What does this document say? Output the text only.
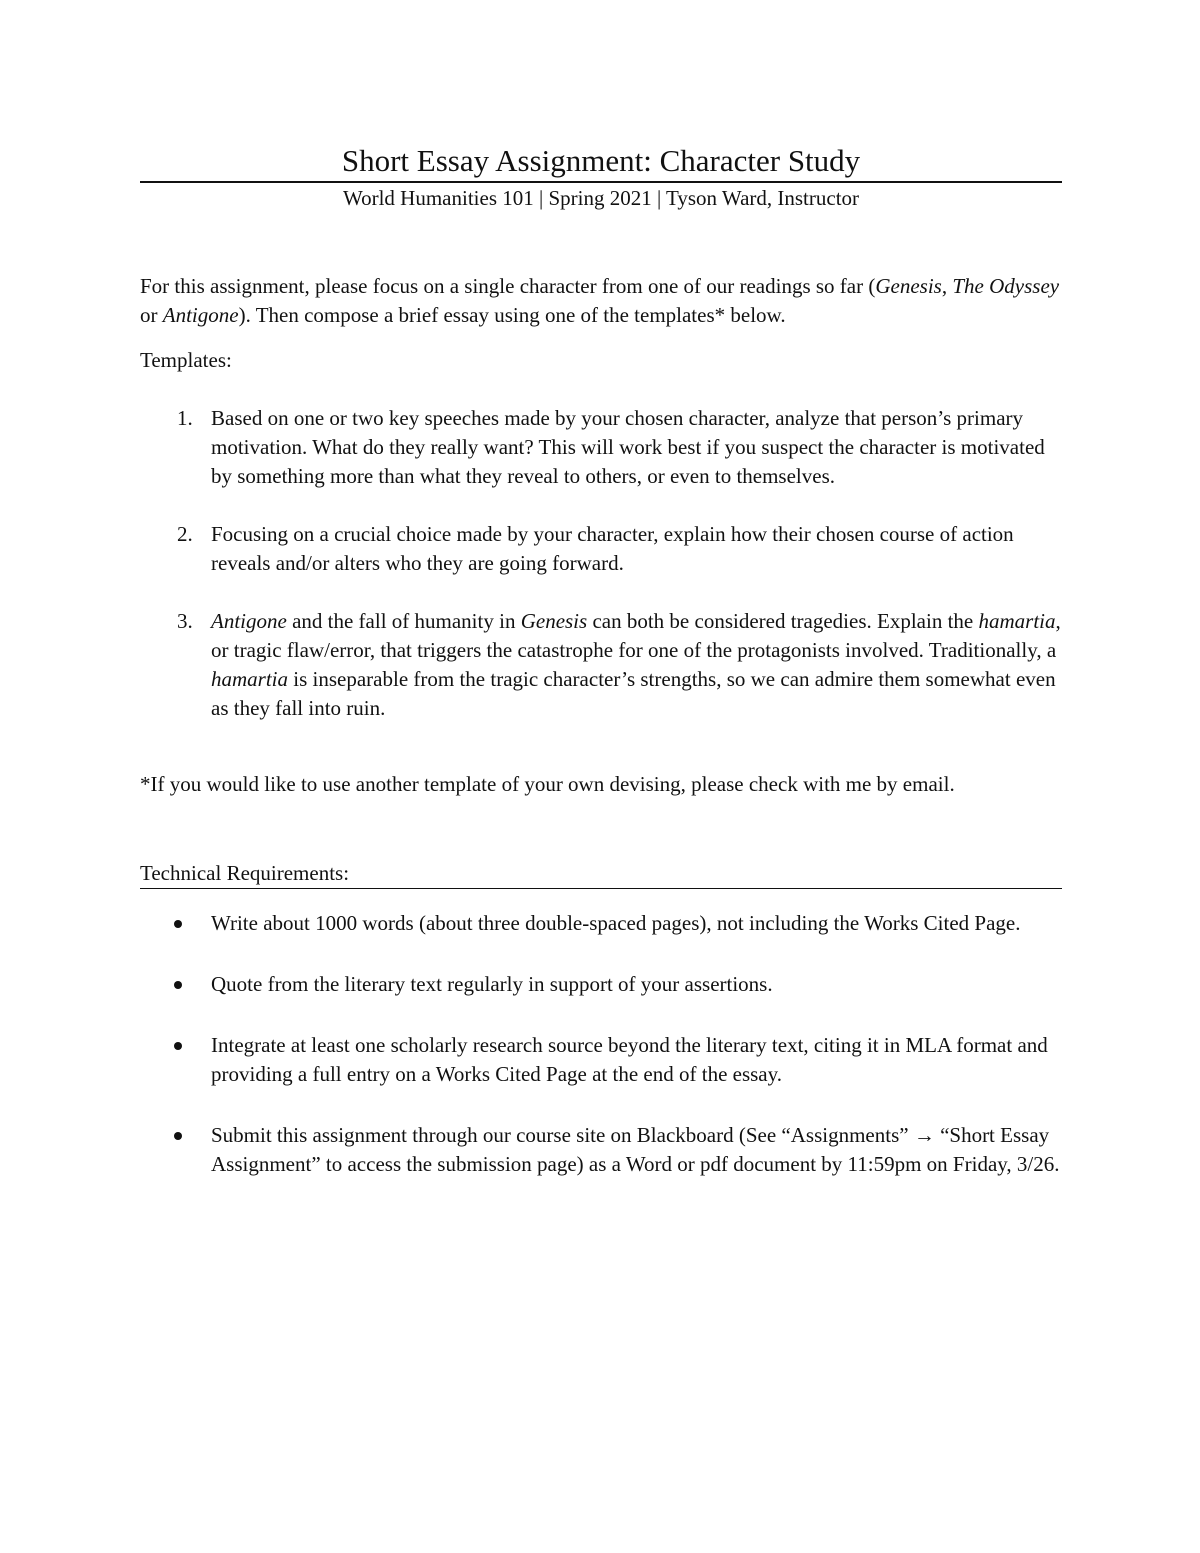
Short Essay Assignment: Character Study
World Humanities 101 | Spring 2021 | Tyson Ward, Instructor
For this assignment, please focus on a single character from one of our readings so far (Genesis, The Odyssey or Antigone). Then compose a brief essay using one of the templates* below.
Templates:
1. Based on one or two key speeches made by your chosen character, analyze that person’s primary motivation. What do they really want? This will work best if you suspect the character is motivated by something more than what they reveal to others, or even to themselves.
2. Focusing on a crucial choice made by your character, explain how their chosen course of action reveals and/or alters who they are going forward.
3. Antigone and the fall of humanity in Genesis can both be considered tragedies. Explain the hamartia, or tragic flaw/error, that triggers the catastrophe for one of the protagonists involved. Traditionally, a hamartia is inseparable from the tragic character’s strengths, so we can admire them somewhat even as they fall into ruin.
*If you would like to use another template of your own devising, please check with me by email.
Technical Requirements:
Write about 1000 words (about three double-spaced pages), not including the Works Cited Page.
Quote from the literary text regularly in support of your assertions.
Integrate at least one scholarly research source beyond the literary text, citing it in MLA format and providing a full entry on a Works Cited Page at the end of the essay.
Submit this assignment through our course site on Blackboard (See “Assignments” → “Short Essay Assignment” to access the submission page) as a Word or pdf document by 11:59pm on Friday, 3/26.
